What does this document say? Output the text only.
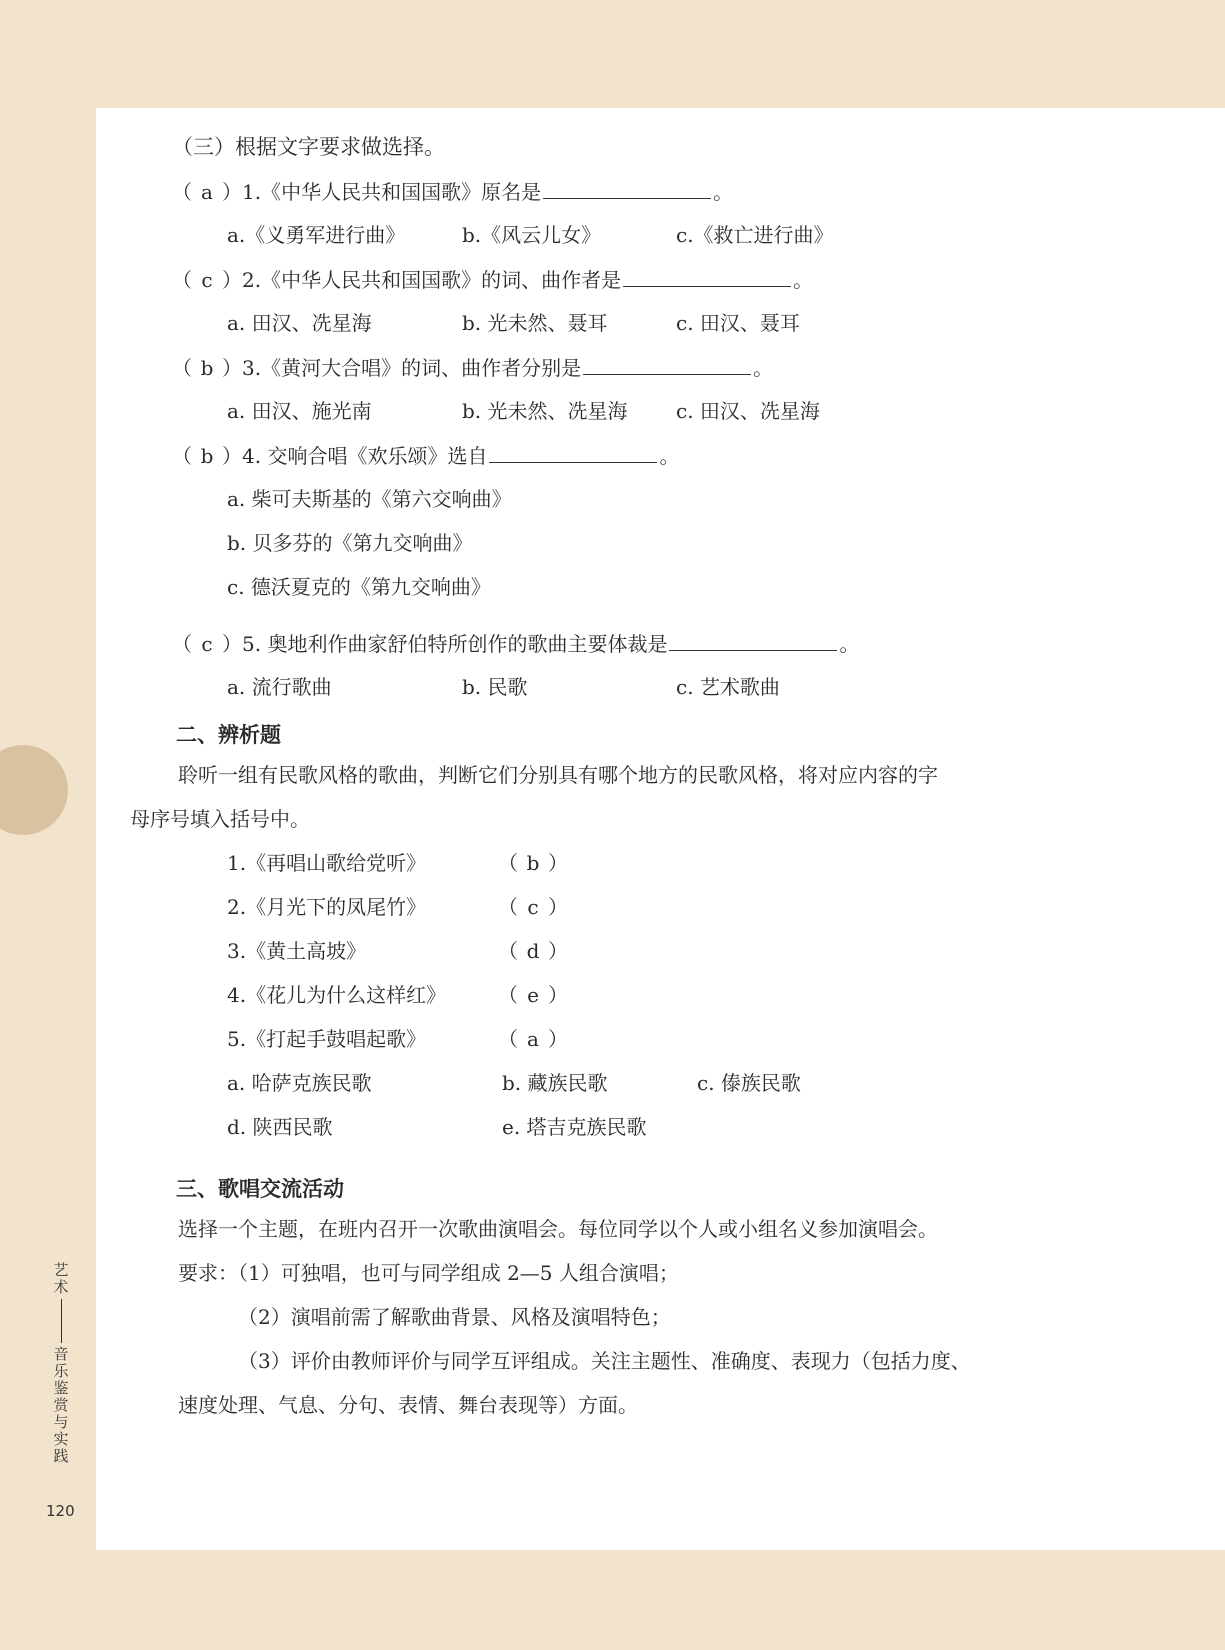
艺
术
音
乐
鉴
赏
与
实
践
120
（三）根据文字要求做选择。
（ a ）1.《中华人民共和国国歌》原名是	。
a.《义勇军进行曲》	b.《风云儿女》	c.《救亡进行曲》
（ c ）2.《中华人民共和国国歌》的词、曲作者是	。
a. 田汉、冼星海	b. 光未然、聂耳	c. 田汉、聂耳
（ b ）3.《黄河大合唱》的词、曲作者分别是	。
a. 田汉、施光南	b. 光未然、冼星海 c. 田汉、冼星海
（ b ）4. 交响合唱《欢乐颂》选自	。
a. 柴可夫斯基的《第六交响曲》
b. 贝多芬的《第九交响曲》
c. 德沃夏克的《第九交响曲》
（ c ）5. 奥地利作曲家舒伯特所创作的歌曲主要体裁是	。
a. 流行歌曲	b. 民歌	c. 艺术歌曲
二、辨析题
聆听一组有民歌风格的歌曲，判断它们分别具有哪个地方的民歌风格，将对应内容的字
母序号填入括号中。
1.《再唱山歌给党听》	（ b ）
2.《月光下的凤尾竹》	（ c ）
3.《黄土高坡》	（ d ）
4.《花儿为什么这样红》	（ e ）
5.《打起手鼓唱起歌》	（ a ）
a. 哈萨克族民歌	b. 藏族民歌	c. 傣族民歌
d. 陕西民歌	e. 塔吉克族民歌
三、歌唱交流活动
选择一个主题，在班内召开一次歌曲演唱会。每位同学以个人或小组名义参加演唱会。
要求：（1）可独唱，也可与同学组成 2—5 人组合演唱；
（2）演唱前需了解歌曲背景、风格及演唱特色；
（3）评价由教师评价与同学互评组成。关注主题性、准确度、表现力（包括力度、
速度处理、气息、分句、表情、舞台表现等）方面。
